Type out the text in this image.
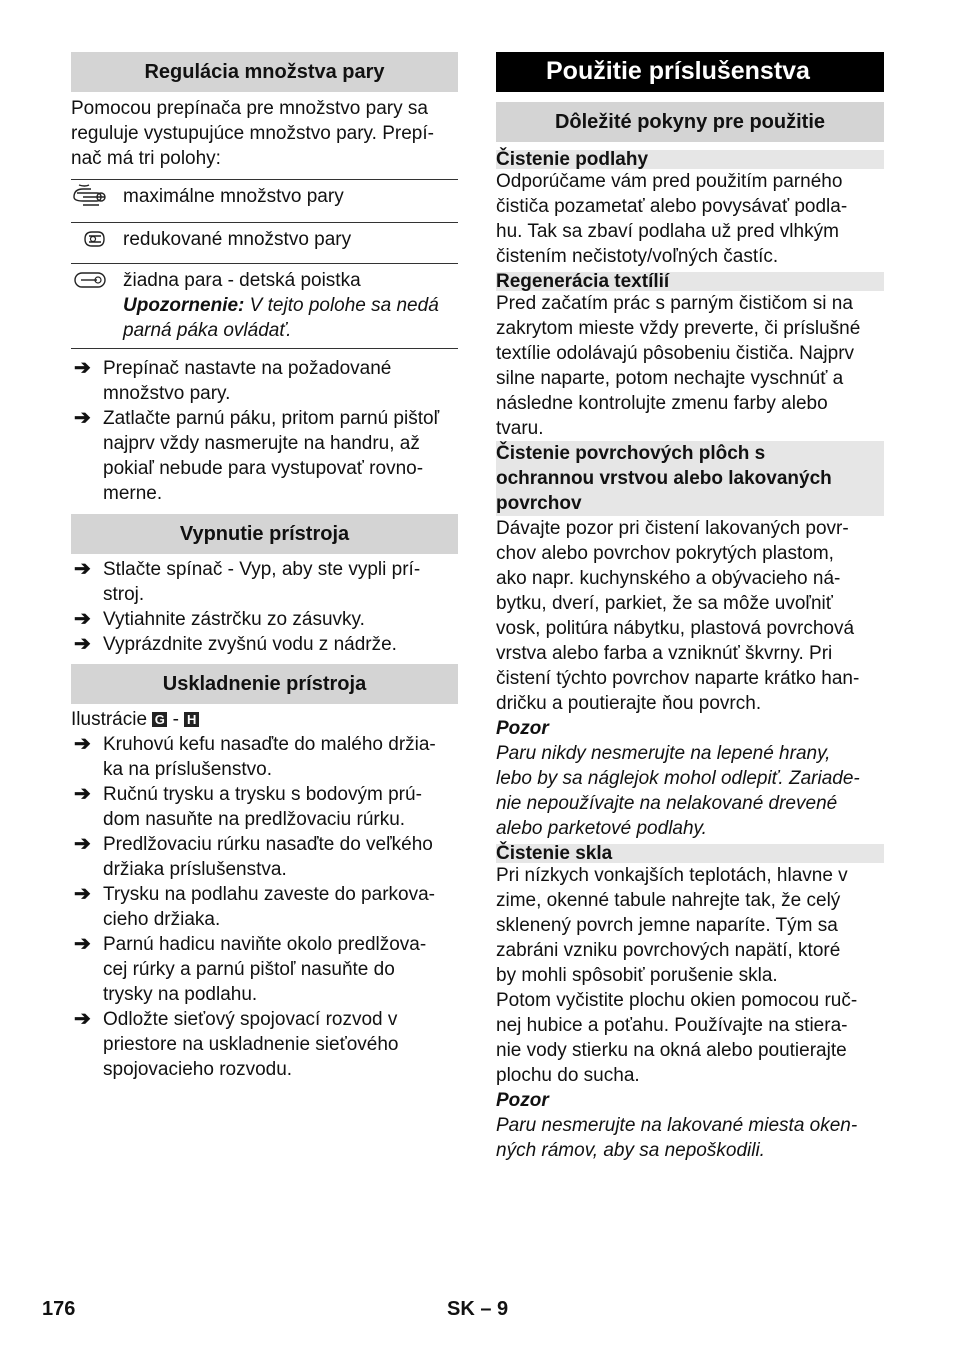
Regulácia množstva pary

Pomocou prepínača pre množstvo pary sa

reguluje vystupujúce množstvo pary. Prepí-

nač má tri polohy:

	maximálne množstvo pary
	redukované množstvo pary

žiadna para - detská poistka
Upozornenie: V tejto polohe sa nedá
parná páka ovládať.
➔ Prepínač nastavte na požadované
množstvo pary.
➔ Zatlačte parnú páku, pritom parnú pištoľ
najprv vždy nasmerujte na handru, až
pokiaľ nebude para vystupovať rovno-
merne.
Vypnutie prístroja
➔ Stlačte spínač - Vyp, aby ste vypli prí-
stroj.
➔ Vytiahnite zástrčku zo zásuvky.
➔ Vyprázdnite zvyšnú vodu z nádrže.
Uskladnenie prístroja

Ilustrácie G - H

➔ Kruhovú kefu nasaďte do malého držia-
ka na príslušenstvo.
➔ Ručnú trysku a trysku s bodovým prú-
dom nasuňte na predlžovaciu rúrku.
➔ Predlžovaciu rúrku nasaďte do veľkého
držiaka príslušenstva.
➔ Trysku na podlahu zaveste do parkova-
cieho držiaka.
➔ Parnú hadicu naviňte okolo predlžova-
cej rúrky a parnú pištoľ nasuňte do
trysky na podlahu.
➔ Odložte sieťový spojovací rozvod v
priestore na uskladnenie sieťového
spojovacieho rozvodu.
Použitie príslušenstva
Dôležité pokyny pre použitie
Čistenie podlahy

Odporúčame vám pred použitím parného

čističa pozametať alebo povysávať podla-

hu. Tak sa zbaví podlaha už pred vlhkým

čistením nečistoty/voľných častíc.

Regenerácia textílií

Pred začatím prác s parným čističom si na

zakrytom mieste vždy preverte, či príslušné

textílie odolávajú pôsobeniu čističa. Najprv

silne naparte, potom nechajte vyschnúť a

následne kontrolujte zmenu farby alebo

tvaru.

Čistenie povrchových plôch s
ochrannou vrstvou alebo lakovaných
povrchov

Dávajte pozor pri čistení lakovaných povr-

chov alebo povrchov pokrytých plastom,

ako napr. kuchynského a obývacieho ná-

bytku, dverí, parkiet, že sa môže uvoľniť

vosk, politúra nábytku, plastová povrchová

vrstva alebo farba a vzniknúť škvrny. Pri

čistení týchto povrchov naparte krátko han-

dričku a poutierajte ňou povrch.

Pozor

Paru nikdy nesmerujte na lepené hrany,

lebo by sa náglejok mohol odlepiť. Zariade-

nie nepoužívajte na nelakované drevené

alebo parketové podlahy.

Čistenie skla

Pri nízkych vonkajších teplotách, hlavne v

zime, okenné tabule nahrejte tak, že celý

sklenený povrch jemne naparíte. Tým sa

zabráni vzniku povrchových napätí, ktoré

by mohli spôsobiť porušenie skla.

Potom vyčistite plochu okien pomocou ruč-

nej hubice a poťahu. Používajte na stiera-

nie vody stierku na okná alebo poutierajte

plochu do sucha.

Pozor

Paru nesmerujte na lakované miesta oken-

ných rámov, aby sa nepoškodili.

176	SK – 9
